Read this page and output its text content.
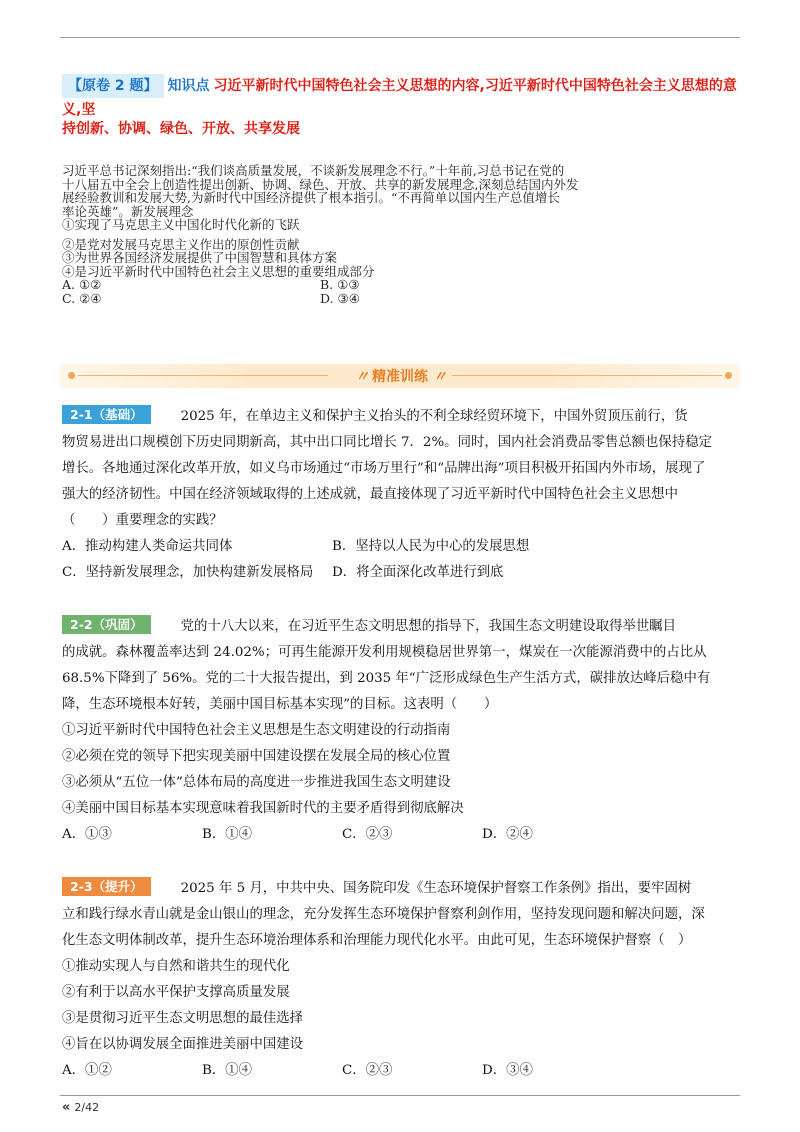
【原卷 2 题】 知识点 习近平新时代中国特色社会主义思想的内容,习近平新时代中国特色社会主义思想的意义,坚
持创新、协调、绿色、开放、共享发展

习近平总书记深刻指出:“我们谈高质量发展，不谈新发展理念不行。”十年前,习总书记在党的

十八届五中全会上创造性提出创新、协调、绿色、开放、共享的新发展理念,深刻总结国内外发

展经验教训和发展大势,为新时代中国经济提供了根本指引。“不再简单以国内生产总值增长

率论英雄”。新发展理念

①实现了马克思主义中国化时代化新的飞跃

②是党对发展马克思主义作出的原创性贡献

③为世界各国经济发展提供了中国智慧和具体方案

④是习近平新时代中国特色社会主义思想的重要组成部分

A. ①②	B. ①③
C. ②④	D. ③④
〃 精准训练 〃

2-1（基础）	2025 年，在单边主义和保护主义抬头的不利全球经贸环境下，中国外贸顶压前行，货

物贸易进出口规模创下历史同期新高，其中出口同比增长 7．2%。同时，国内社会消费品零售总额也保持稳定

增长。各地通过深化改革开放，如义乌市场通过“市场万里行”和“品牌出海”项目积极开拓国内外市场，展现了

强大的经济韧性。中国在经济领域取得的上述成就，最直接体现了习近平新时代中国特色社会主义思想中

（　　）重要理念的实践？

A．推动构建人类命运共同体	B．坚持以人民为中心的发展思想
C．坚持新发展理念，加快构建新发展格局	D．将全面深化改革进行到底

2-2（巩固）	党的十八大以来，在习近平生态文明思想的指导下，我国生态文明建设取得举世瞩目

的成就。森林覆盖率达到 24.02%；可再生能源开发利用规模稳居世界第一，煤炭在一次能源消费中的占比从

68.5%下降到了 56%。党的二十大报告提出，到 2035 年“广泛形成绿色生产生活方式，碳排放达峰后稳中有

降，生态环境根本好转，美丽中国目标基本实现”的目标。这表明（　　）

①习近平新时代中国特色社会主义思想是生态文明建设的行动指南

②必须在党的领导下把实现美丽中国建设摆在发展全局的核心位置

③必须从“五位一体”总体布局的高度进一步推进我国生态文明建设

④美丽中国目标基本实现意味着我国新时代的主要矛盾得到彻底解决

A．①③	B．①④	C．②③	D．②④

2-3（提升）	2025 年 5 月，中共中央、国务院印发《生态环境保护督察工作条例》指出，要牢固树

立和践行绿水青山就是金山银山的理念，充分发挥生态环境保护督察利剑作用，坚持发现问题和解决问题，深

化生态文明体制改革，提升生态环境治理体系和治理能力现代化水平。由此可见，生态环境保护督察（　）

①推动实现人与自然和谐共生的现代化

②有利于以高水平保护支撑高质量发展

③是贯彻习近平生态文明思想的最佳选择

④旨在以协调发展全面推进美丽中国建设

A．①②	B．①④	C．②③	D．③④
« 2/42
